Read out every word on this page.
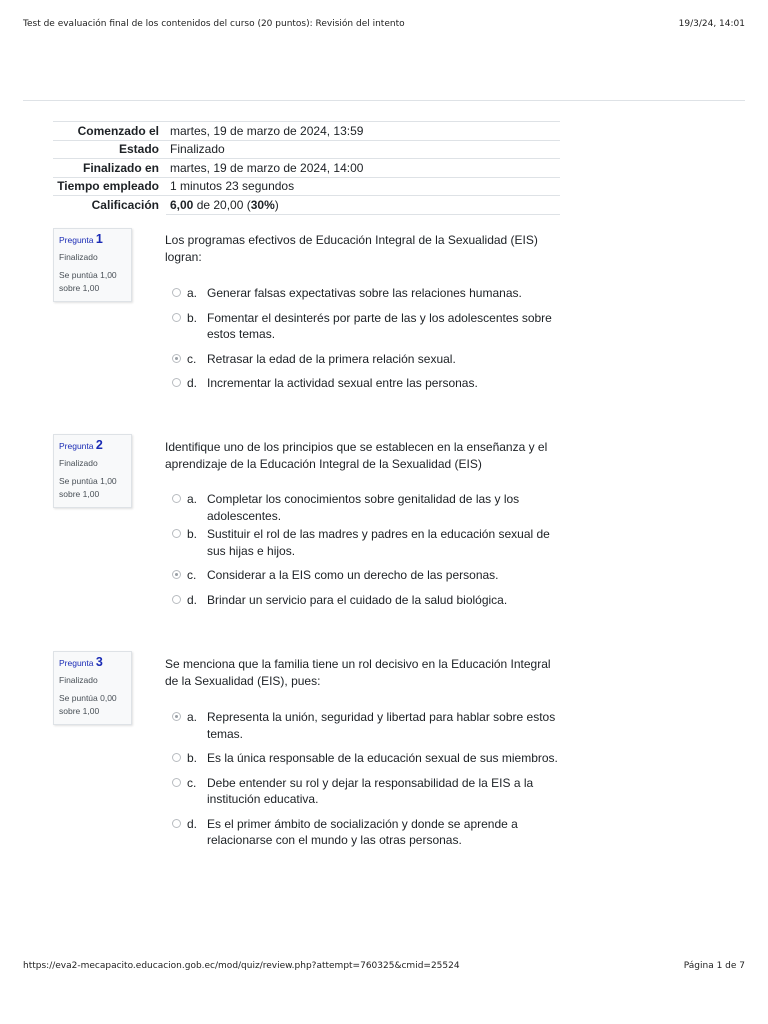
Test de evaluación final de los contenidos del curso (20 puntos): Revisión del intento	19/3/24, 14:01
Comenzado el	martes, 19 de marzo de 2024, 13:59
Estado	Finalizado
Finalizado en	martes, 19 de marzo de 2024, 14:00
Tiempo empleado	1 minutos 23 segundos
Calificación	6,00 de 20,00 (30%)
Pregunta 1
Finalizado
Se puntúa 1,00 sobre 1,00
Los programas efectivos de Educación Integral de la Sexualidad (EIS) logran:
a. Generar falsas expectativas sobre las relaciones humanas.
b. Fomentar el desinterés por parte de las y los adolescentes sobre estos temas.
c. Retrasar la edad de la primera relación sexual.
d. Incrementar la actividad sexual entre las personas.
Pregunta 2
Finalizado
Se puntúa 1,00 sobre 1,00
Identifique uno de los principios que se establecen en la enseñanza y el aprendizaje de la Educación Integral de la Sexualidad (EIS)
a. Completar los conocimientos sobre genitalidad de las y los adolescentes.
b. Sustituir el rol de las madres y padres en la educación sexual de sus hijas e hijos.
c. Considerar a la EIS como un derecho de las personas.
d. Brindar un servicio para el cuidado de la salud biológica.
Pregunta 3
Finalizado
Se puntúa 0,00 sobre 1,00
Se menciona que la familia tiene un rol decisivo en la Educación Integral de la Sexualidad (EIS), pues:
a. Representa la unión, seguridad y libertad para hablar sobre estos temas.
b. Es la única responsable de la educación sexual de sus miembros.
c. Debe entender su rol y dejar la responsabilidad de la EIS a la institución educativa.
d. Es el primer ámbito de socialización y donde se aprende a relacionarse con el mundo y las otras personas.
https://eva2-mecapacito.educacion.gob.ec/mod/quiz/review.php?attempt=760325&cmid=25524	Página 1 de 7
